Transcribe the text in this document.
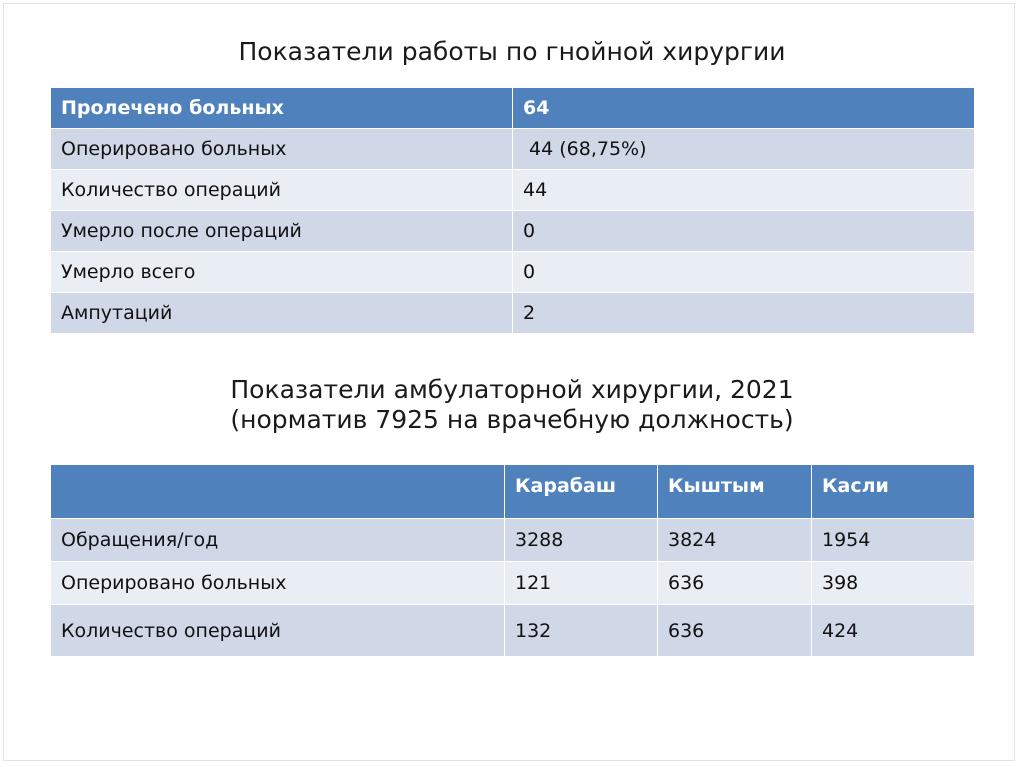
Показатели работы по гнойной хирургии
Пролечено больных	64
Оперировано больных	44 (68,75%)
Количество операций	44
Умерло после операций	0
Умерло всего	0
Ампутаций	2
Показатели амбулаторной хирургии, 2021
(норматив 7925 на врачебную должность)
	Карабаш	Кыштым	Касли
Обращения/год	3288	3824	1954
Оперировано больных	121	636	398
Количество операций	132	636	424
